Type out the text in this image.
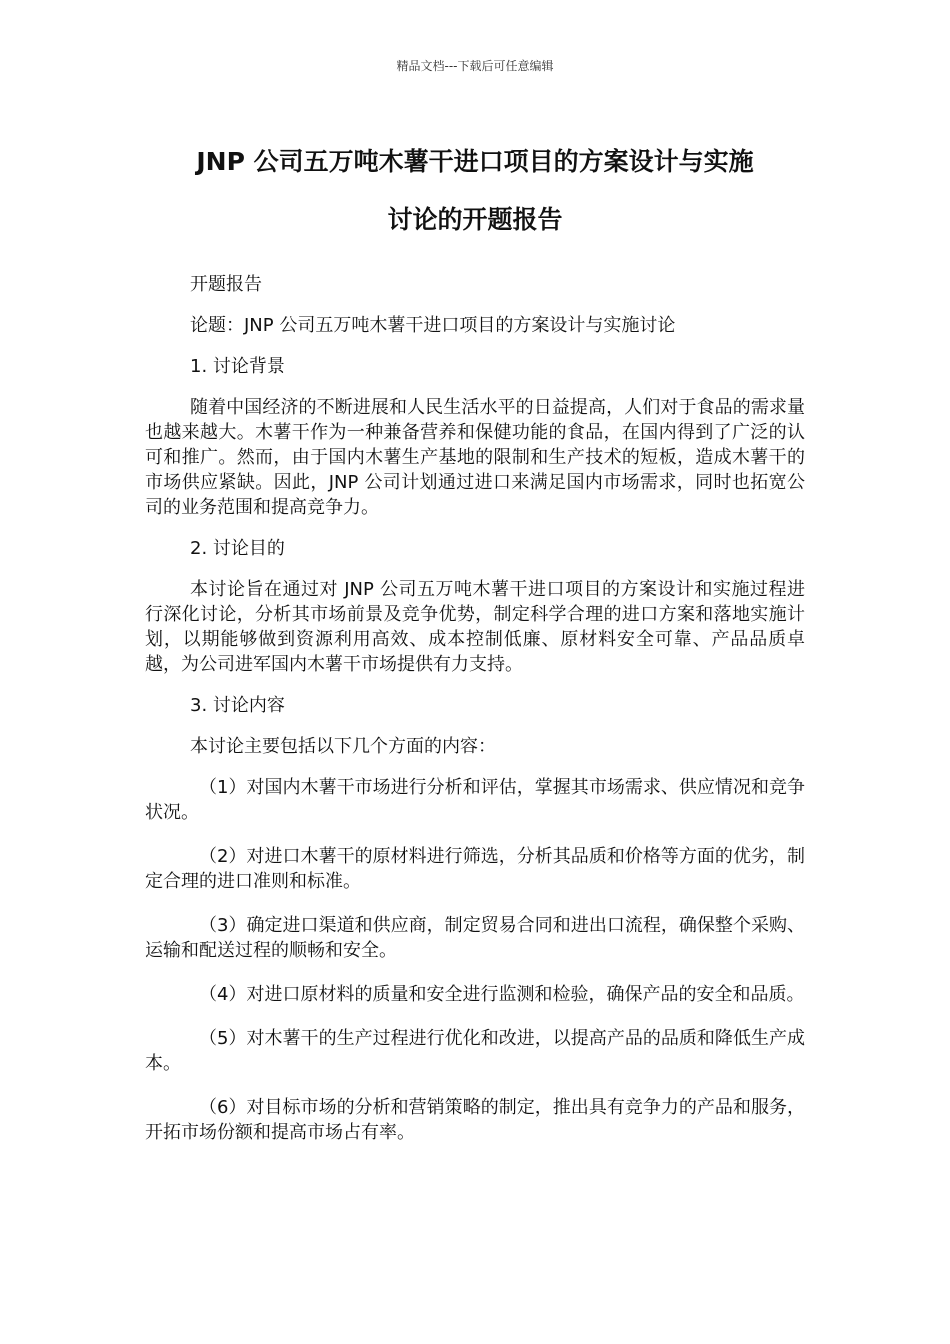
精品文档---下载后可任意编辑
JNP 公司五万吨木薯干进口项目的方案设计与实施
讨论的开题报告

开题报告

论题：JNP 公司五万吨木薯干进口项目的方案设计与实施讨论

1. 讨论背景

随着中国经济的不断进展和人民生活水平的日益提高，人们对于食品的需求量也越来越大。木薯干作为一种兼备营养和保健功能的食品，在国内得到了广泛的认可和推广。然而，由于国内木薯生产基地的限制和生产技术的短板，造成木薯干的市场供应紧缺。因此，JNP 公司计划通过进口来满足国内市场需求，同时也拓宽公司的业务范围和提高竞争力。

2. 讨论目的

本讨论旨在通过对 JNP 公司五万吨木薯干进口项目的方案设计和实施过程进行深化讨论，分析其市场前景及竞争优势，制定科学合理的进口方案和落地实施计划，以期能够做到资源利用高效、成本控制低廉、原材料安全可靠、产品品质卓越，为公司进军国内木薯干市场提供有力支持。

3. 讨论内容

本讨论主要包括以下几个方面的内容：

（1）对国内木薯干市场进行分析和评估，掌握其市场需求、供应情况和竞争状况。

（2）对进口木薯干的原材料进行筛选，分析其品质和价格等方面的优劣，制定合理的进口准则和标准。

（3）确定进口渠道和供应商，制定贸易合同和进出口流程，确保整个采购、运输和配送过程的顺畅和安全。

（4）对进口原材料的质量和安全进行监测和检验，确保产品的安全和品质。

（5）对木薯干的生产过程进行优化和改进，以提高产品的品质和降低生产成本。

（6）对目标市场的分析和营销策略的制定，推出具有竞争力的产品和服务，开拓市场份额和提高市场占有率。
